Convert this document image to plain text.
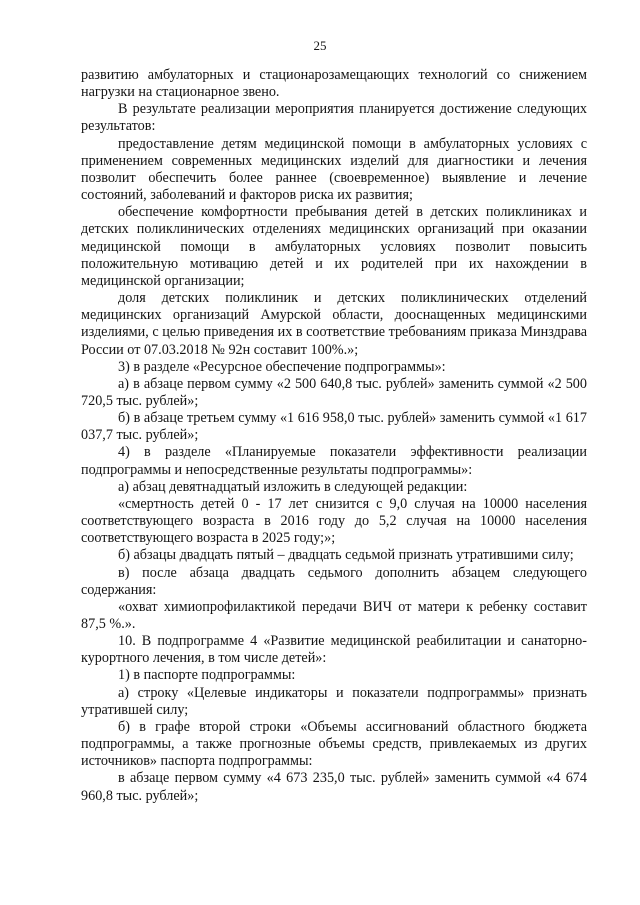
25

развитию амбулаторных и стационарозамещающих технологий со снижением нагрузки на стационарное звено.

В результате реализации мероприятия планируется достижение следующих результатов:

предоставление детям медицинской помощи в амбулаторных условиях с применением современных медицинских изделий для диагностики и лечения позволит обеспечить более раннее (своевременное) выявление и лечение состояний, заболеваний и факторов риска их развития;

обеспечение комфортности пребывания детей в детских поликлиниках и детских поликлинических отделениях медицинских организаций при оказании медицинской помощи в амбулаторных условиях позволит повысить положительную мотивацию детей и их родителей при их нахождении в медицинской организации;

доля детских поликлиник и детских поликлинических отделений медицинских организаций Амурской области, дооснащенных медицинскими изделиями, с целью приведения их в соответствие требованиям приказа Минздрава России от 07.03.2018 № 92н составит 100%.»;

3) в разделе «Ресурсное обеспечение подпрограммы»:

а) в абзаце первом сумму «2 500 640,8 тыс. рублей» заменить суммой «2 500 720,5 тыс. рублей»;

б) в абзаце третьем сумму «1 616 958,0 тыс. рублей» заменить суммой «1 617 037,7 тыс. рублей»;

4) в разделе «Планируемые показатели эффективности реализации подпрограммы и непосредственные результаты подпрограммы»:

а) абзац девятнадцатый изложить в следующей редакции:

«смертность детей 0 - 17 лет снизится с 9,0 случая на 10000 населения соответствующего возраста в 2016 году до 5,2 случая на 10000 населения соответствующего возраста в 2025 году;»;

б) абзацы двадцать пятый – двадцать седьмой признать утратившими силу;

в) после абзаца двадцать седьмого дополнить абзацем следующего содержания:

«охват химиопрофилактикой передачи ВИЧ от матери к ребенку составит 87,5 %.».

10. В подпрограмме 4 «Развитие медицинской реабилитации и санаторно-курортного лечения, в том числе детей»:

1) в паспорте подпрограммы:

а) строку «Целевые индикаторы и показатели подпрограммы» признать утратившей силу;

б) в графе второй строки «Объемы ассигнований областного бюджета подпрограммы, а также прогнозные объемы средств, привлекаемых из других источников» паспорта подпрограммы:

в абзаце первом сумму «4 673 235,0 тыс. рублей» заменить суммой «4 674 960,8 тыс. рублей»;
